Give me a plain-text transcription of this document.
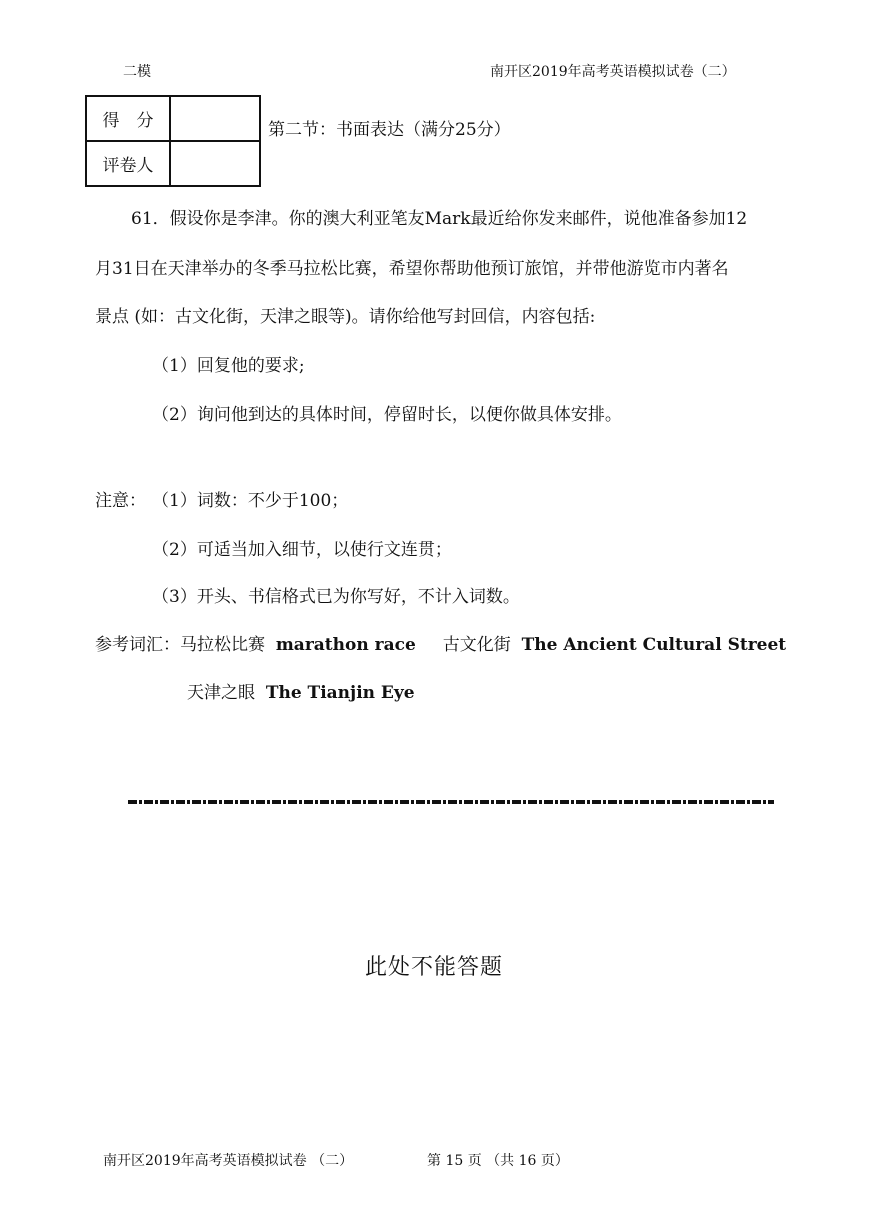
二模	南开区2019年高考英语模拟试卷（二）
得　分	
评卷人	
第二节：书面表达（满分25分）
61．假设你是李津。你的澳大利亚笔友Mark最近给你发来邮件，说他准备参加12
月31日在天津举办的冬季马拉松比赛，希望你帮助他预订旅馆，并带他游览市内著名
景点 (如：古文化街，天津之眼等)。请你给他写封回信，内容包括:
（1）回复他的要求;
（2）询问他到达的具体时间，停留时长，以便你做具体安排。
注意： （1）词数：不少于100；
（2）可适当加入细节，以使行文连贯；
（3）开头、书信格式已为你写好，不计入词数。
参考词汇：马拉松比赛 marathon race 古文化街 The Ancient Cultural Street
天津之眼 The Tianjin Eye
此处不能答题
南开区2019年高考英语模拟试卷 （二）	第 15 页 （共 16 页）
